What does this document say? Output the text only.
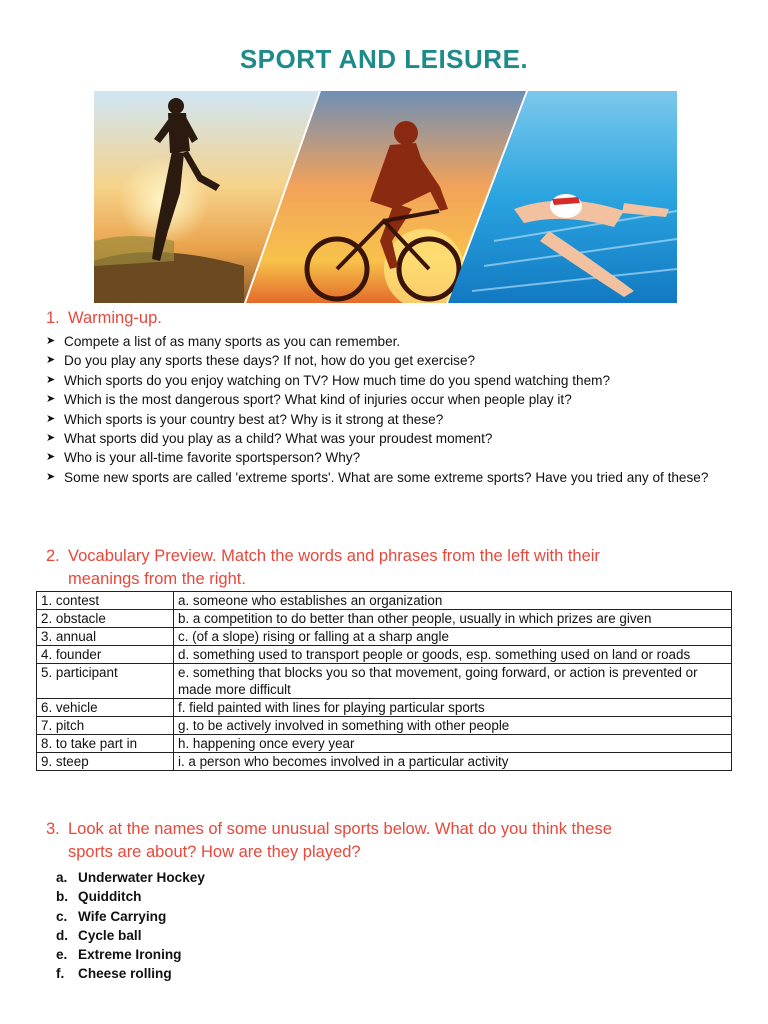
SPORT AND LEISURE.
1. Warming-up.
➤ Compete a list of as many sports as you can remember.
➤ Do you play any sports these days? If not, how do you get exercise?
➤ Which sports do you enjoy watching on TV? How much time do you spend watching them?
➤ Which is the most dangerous sport? What kind of injuries occur when people play it?
➤ Which sports is your country best at? Why is it strong at these?
➤ What sports did you play as a child? What was your proudest moment?
➤ Who is your all-time favorite sportsperson? Why?
➤ Some new sports are called 'extreme sports'. What are some extreme sports? Have you tried any of these?
2. Vocabulary Preview. Match the words and phrases from the left with their
meanings from the right.
1. contest	a. someone who establishes an organization
2. obstacle	b. a competition to do better than other people, usually in which prizes are given
3. annual	c. (of a slope) rising or falling at a sharp angle
4. founder	d. something used to transport people or goods, esp. something used on land or roads
5. participant	e. something that blocks you so that movement, going forward, or action is prevented or made more difficult
6. vehicle	f. field painted with lines for playing particular sports
7. pitch	g. to be actively involved in something with other people
8. to take part in	h. happening once every year
9. steep	i. a person who becomes involved in a particular activity
3. Look at the names of some unusual sports below. What do you think these
sports are about? How are they played?
a. Underwater Hockey
b. Quidditch
c. Wife Carrying
d. Cycle ball
e. Extreme Ironing
f. Cheese rolling
